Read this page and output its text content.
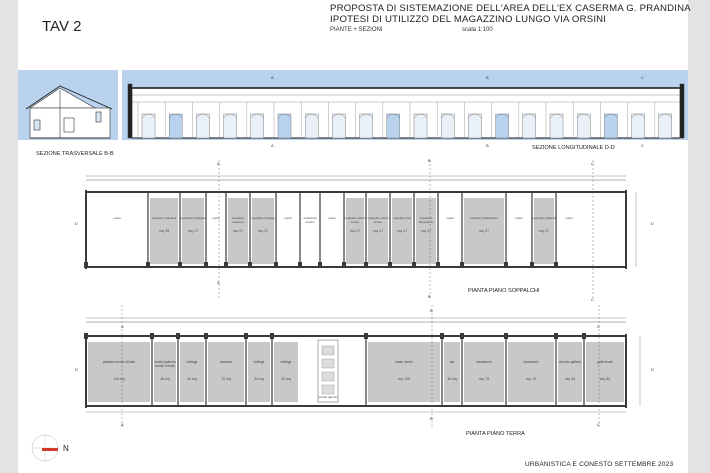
TAV 2
PROPOSTA DI SISTEMAZIONE DELL'AREA DELL'EX CASERMA G. PRANDINA
IPOTESI DI UTILIZZO DEL MAGAZZINO LUNGO VIA ORSINI
PIANTE + SEZIONI	scala 1:100
SEZIONE TRASVERSALE B-B
SEZIONE LONGITUDINALE D-D
PIANTA PIANO SOPPALCHI
PIANTA PIANO TERRA
A	B	C
A	B	C
A
B
C
A
B
C
D	D
A
B
C
A
B
C
D	D
N
URBANISTICA E CONESTO SETTEMBRE 2023
vuoto	soppalco palestra
mq. 39
soppalco botteghe
mq. 27
vuoto	soppalco caserma
mq. 27
soppalco bottega
mq. 27
vuoto	copertura servizi
vuoto	soppalco urban center
mq. 27
soppalco urban center
mq. 27
soppalco bar
mq. 27
soppalco laboratorio
mq. 27
vuoto	soppalco laboratorio
mq. 27
vuoto	soppalco galleria
mq. 27
vuoto
palestra scuole di ballo
144 mq
servizi palestra scuole di ballo
46 mq
bottega
34 mq
caserma
70 mq
bottega
34 mq
bottega
34 mq
servizi igienici
urban center
mq. 105
bar
34 mq
laboratorio
mq. 70
laboratorio
mq. 70
servizio galleria
mq. 34
galleria arti
mq. 84
